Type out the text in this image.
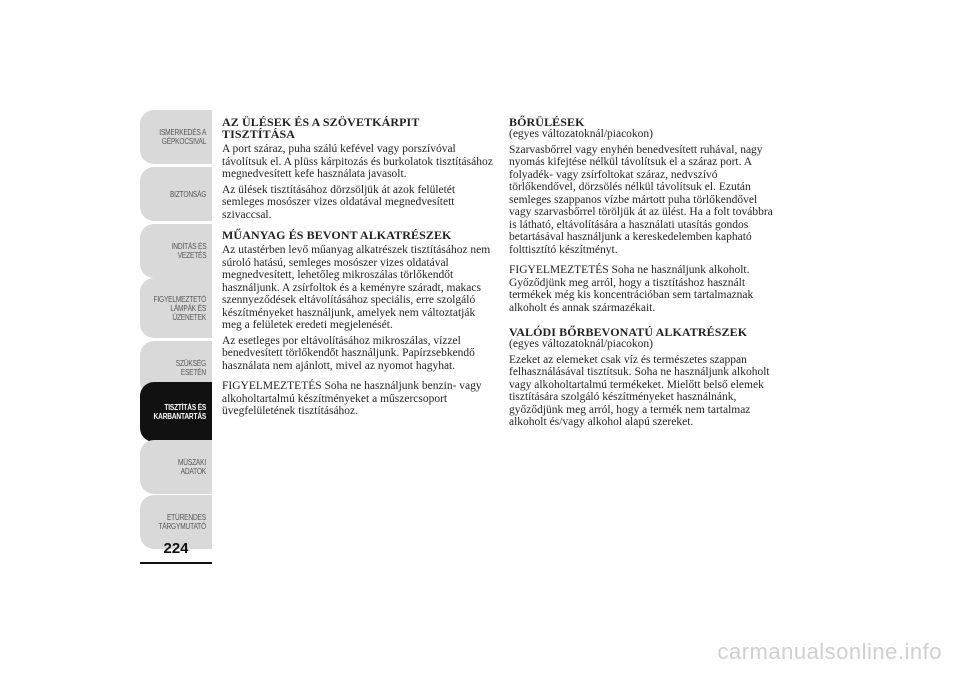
ISMERKEDÉS A
GÉPKOCSIVAL
BIZTONSÁG
INDÍTÁS ÉS
VEZETÉS
FIGYELMEZTETŐ
LÁMPÁK ÉS
ÜZENETEK
SZÜKSÉG ESETÉN
TISZTÍTÁS ÉS
KARBANTARTÁS
MŰSZAKI ADATOK
ETŰRENDES
TÁRGYMUTATÓ
224
AZ ÜLÉSEK ÉS A SZÖVETKÁRPIT TISZTÍTÁSA

A port száraz, puha szálú kefével vagy porszívóval távolítsuk el. A plüss kárpitozás és burkolatok tisztításához megnedvesített kefe használata javasolt.

Az ülések tisztításához dörzsöljük át azok felületét semleges mosószer vizes oldatával megnedvesített szivaccsal.

MŰANYAG ÉS BEVONT ALKATRÉSZEK

Az utastérben levő műanyag alkatrészek tisztításához nem súroló hatású, semleges mosószer vizes oldatával megnedvesített, lehetőleg mikroszálas törlőkendőt használjunk. A zsírfoltok és a keményre száradt, makacs szennyeződések eltávolításához speciális, erre szolgáló készítményeket használjunk, amelyek nem változtatják meg a felületek eredeti megjelenését.

Az esetleges por eltávolításához mikroszálas, vízzel benedvesített törlőkendőt használjunk. Papírzsebkendő használata nem ajánlott, mivel az nyomot hagyhat.

FIGYELMEZTETÉS Soha ne használjunk benzin- vagy alkoholtartalmú készítményeket a műszercsoport üvegfelületének tisztításához.

BŐRÜLÉSEK
(egyes változatoknál/piacokon)

Szarvasbőrrel vagy enyhén benedvesített ruhával, nagy nyomás kifejtése nélkül távolítsuk el a száraz port. A folyadék- vagy zsírfoltokat száraz, nedvszívó törlőkendővel, dörzsölés nélkül távolítsuk el. Ezután semleges szappanos vízbe mártott puha törlőkendővel vagy szarvasbőrrel töröljük át az ülést. Ha a folt továbbra is látható, eltávolítására a használati utasítás gondos betartásával használjunk a kereskedelemben kapható folttisztító készítményt.

FIGYELMEZTETÉS Soha ne használjunk alkoholt. Győződjünk meg arról, hogy a tisztításhoz használt termékek még kis koncentrációban sem tartalmaznak alkoholt és annak származékait.

VALÓDI BŐRBEVONATÚ ALKATRÉSZEK
(egyes változatoknál/piacokon)

Ezeket az elemeket csak víz és természetes szappan felhasználásával tisztítsuk. Soha ne használjunk alkoholt vagy alkoholtartalmú termékeket. Mielőtt belső elemek tisztítására szolgáló készítményeket használnánk, győződjünk meg arról, hogy a termék nem tartalmaz alkoholt és/vagy alkohol alapú szereket.

carmanualsonline.info
